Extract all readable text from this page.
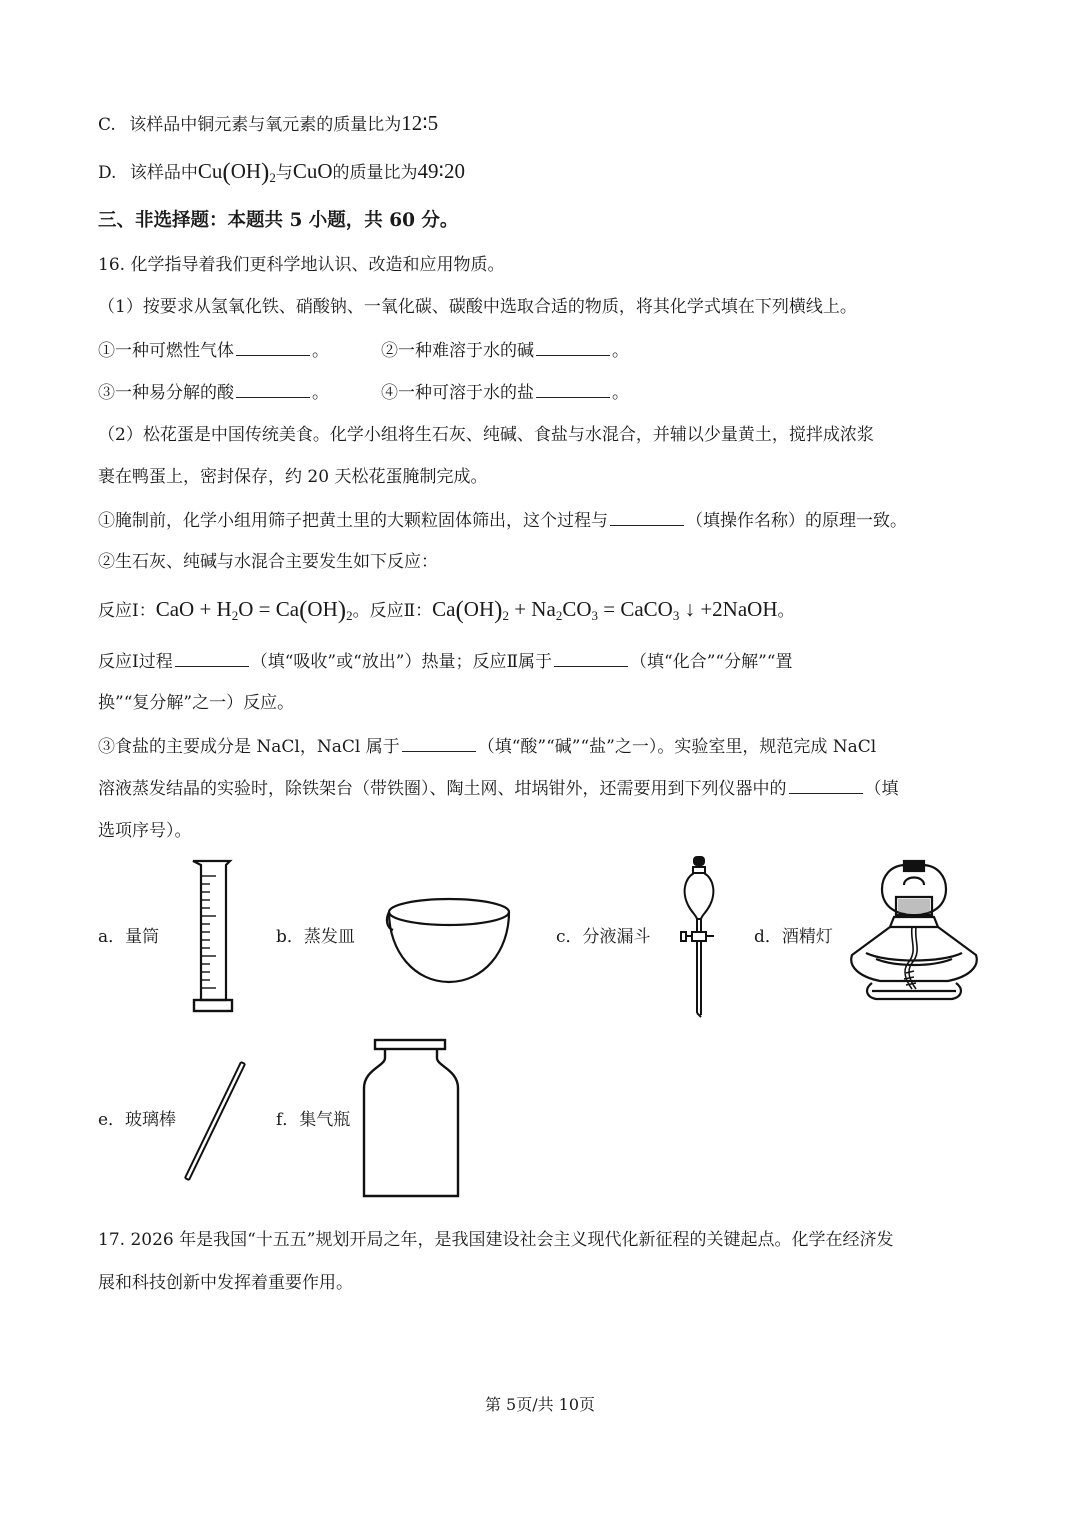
C. 该样品中铜元素与氧元素的质量比为12∶5
D. 该样品中$Cu(OH)_2$与CuO的质量比为49∶20
三、非选择题：本题共 5 小题，共 60 分。
16. 化学指导着我们更科学地认识、改造和应用物质。
（1）按要求从氢氧化铁、硝酸钠、一氧化碳、碳酸中选取合适的物质，将其化学式填在下列横线上。
①一种可燃性气体	。	②一种难溶于水的碱	。
③一种易分解的酸	。	④一种可溶于水的盐	。
（2）松花蛋是中国传统美食。化学小组将生石灰、纯碱、食盐与水混合，并辅以少量黄土，搅拌成浓浆
裹在鸭蛋上，密封保存，约 20 天松花蛋腌制完成。
①腌制前，化学小组用筛子把黄土里的大颗粒固体筛出，这个过程与	（填操作名称）的原理一致。
②生石灰、纯碱与水混合主要发生如下反应：
反应Ⅰ：CaO + $H_2O = Ca(OH)_2$。反应Ⅱ：$Ca(OH)_2 + Na_2CO_3$ = CaCO$_3$ ↓ +2NaOH。
反应Ⅰ过程	（填“吸收”或“放出”）热量；反应Ⅱ属于	（填“化合”“分解”“置
换”“复分解”之一）反应。
③食盐的主要成分是 NaCl，NaCl 属于	（填“酸”“碱”“盐”之一）。实验室里，规范完成 NaCl
溶液蒸发结晶的实验时，除铁架台（带铁圈）、陶土网、坩埚钳外，还需要用到下列仪器中的	（填
选项序号）。
a．量筒	b．蒸发皿	c．分液漏斗	d．酒精灯
e．玻璃棒	f．集气瓶
17. 2026 年是我国“十五五”规划开局之年，是我国建设社会主义现代化新征程的关键起点。化学在经济发
展和科技创新中发挥着重要作用。
第 5页/共 10页
